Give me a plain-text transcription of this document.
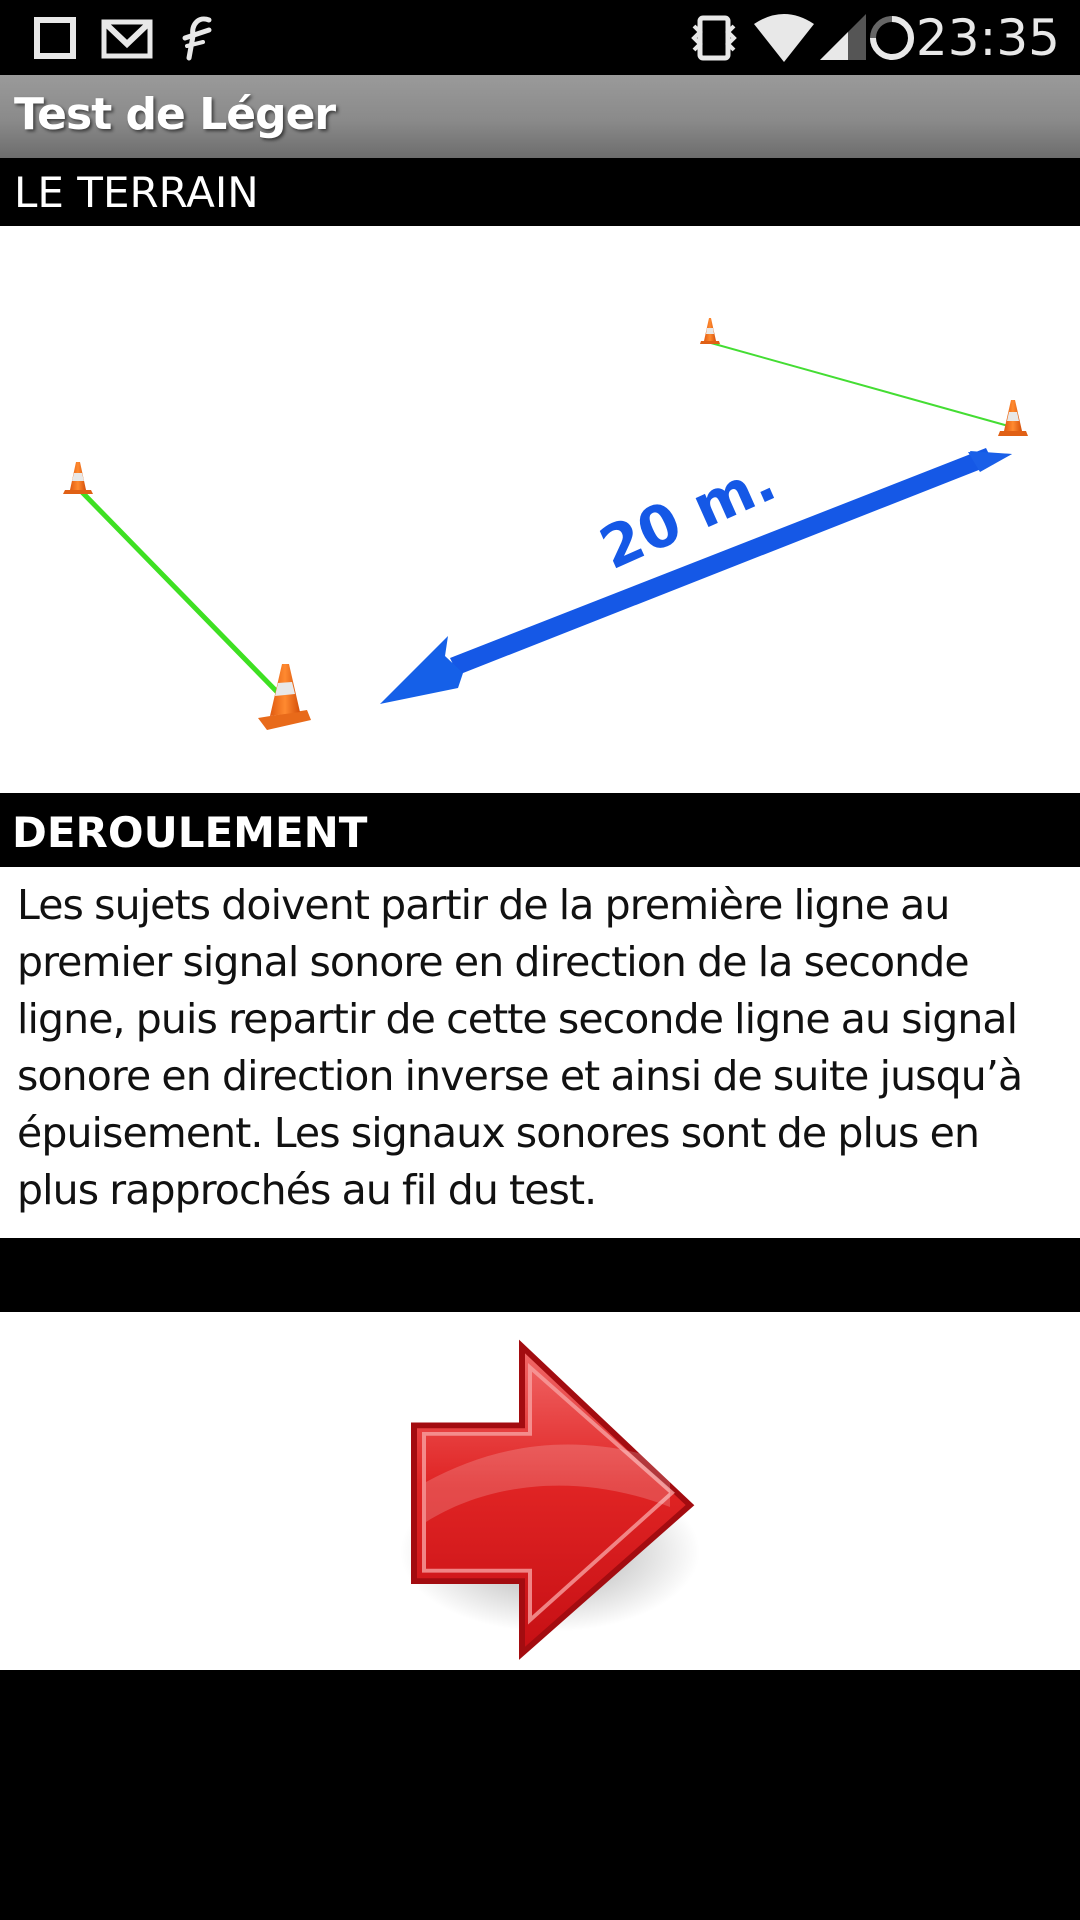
23:35
Test de Léger
LE TERRAIN
20 m.
DEROULEMENT

Les sujets doivent partir de la première ligne au premier signal sonore en direction de la seconde ligne, puis repartir de cette seconde ligne au signal sonore en direction inverse et ainsi de suite jusqu’à épuisement. Les signaux sonores sont de plus en plus rapprochés au fil du test.
